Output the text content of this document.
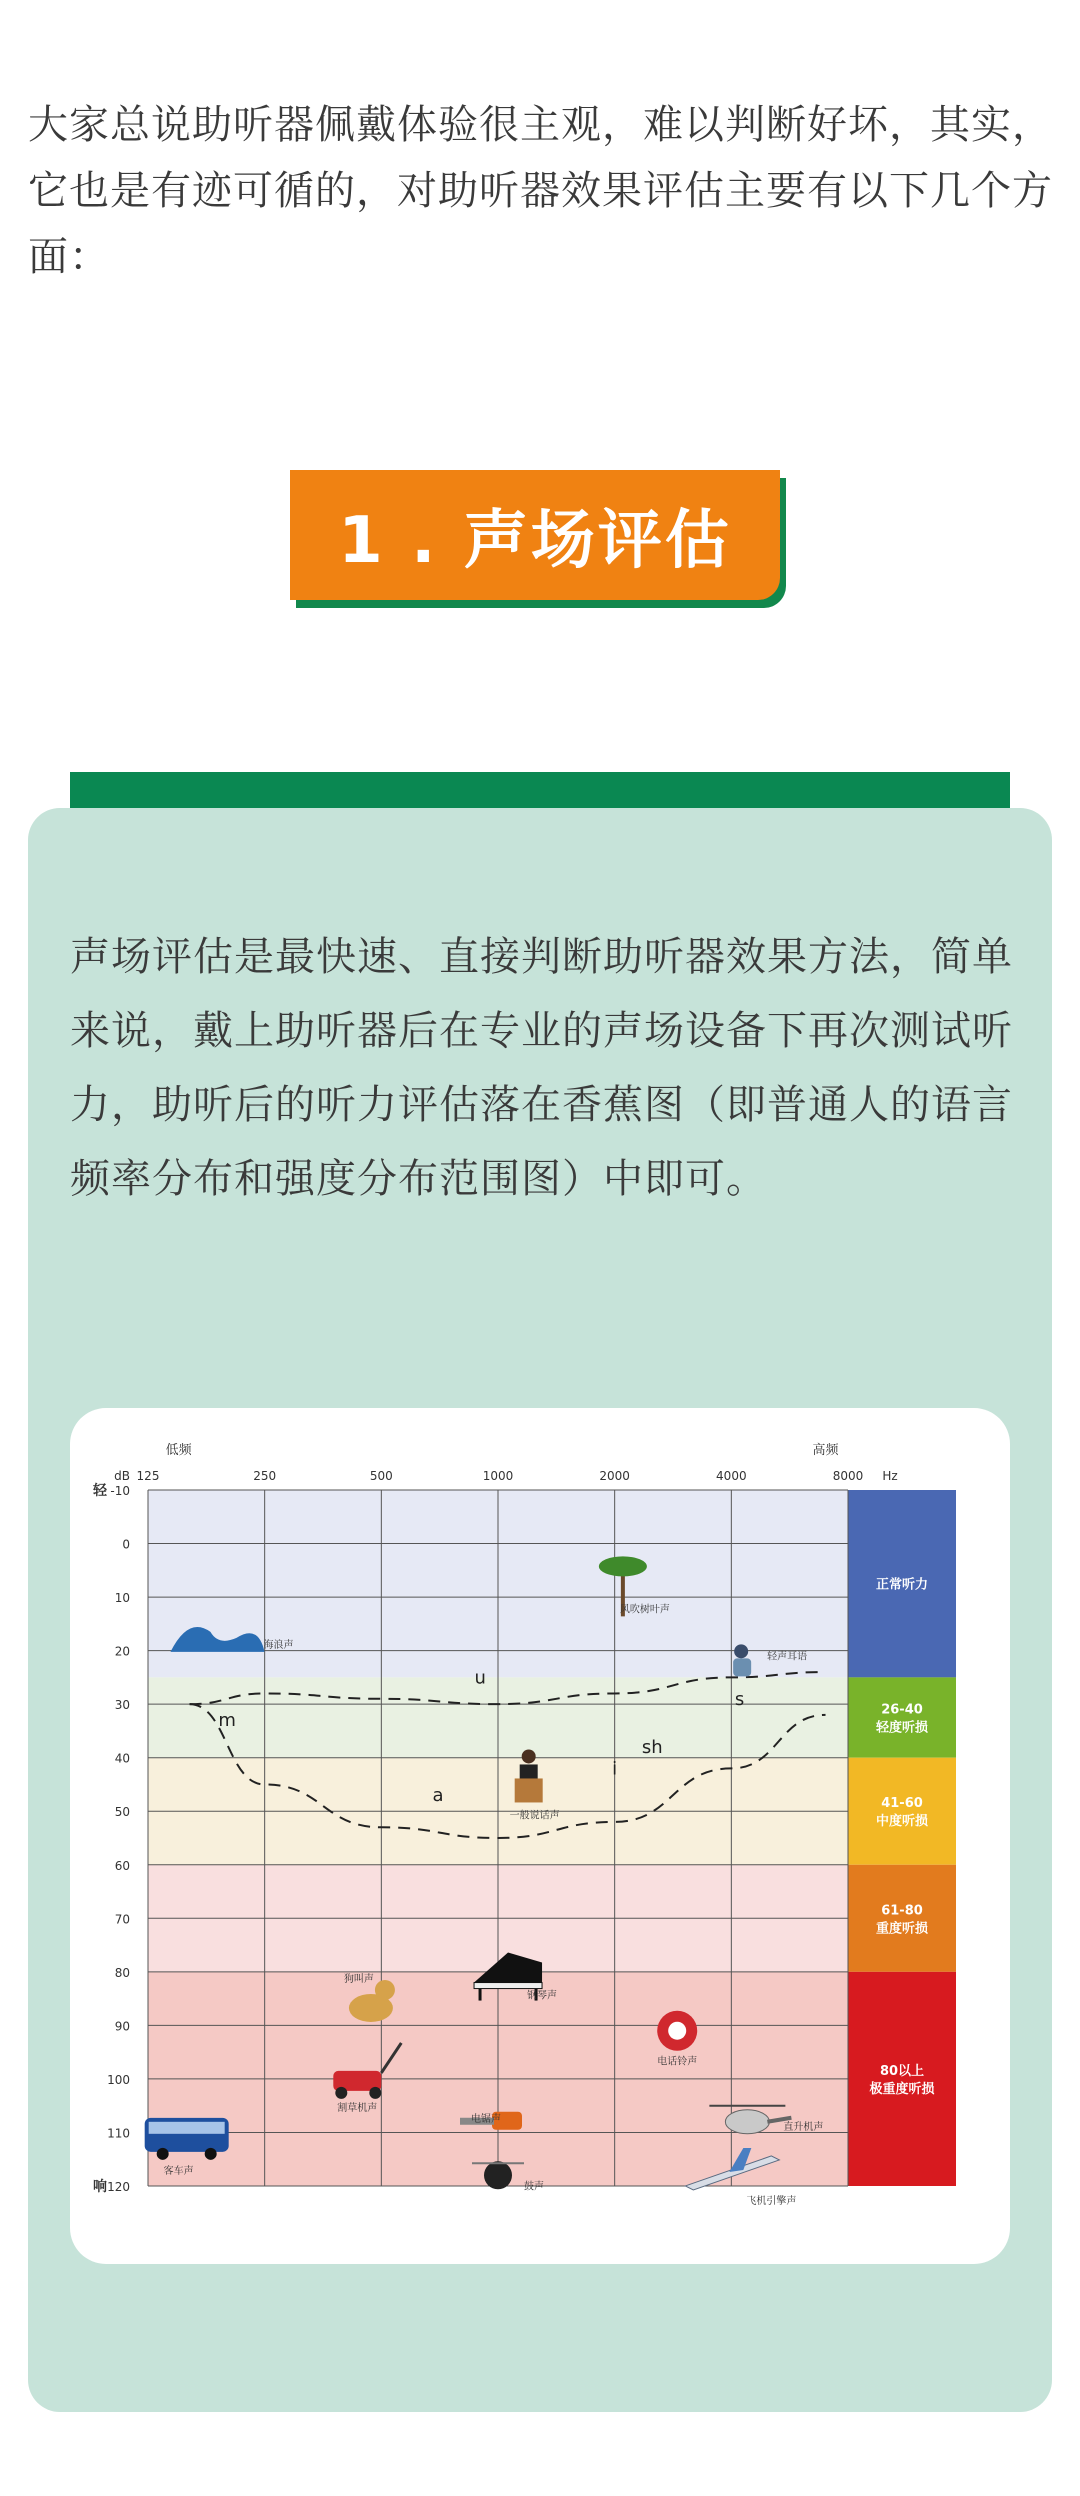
大家总说助听器佩戴体验很主观，难以判断好坏，其实，它也是有迹可循的，对助听器效果评估主要有以下几个方面：
1 . 声场评估
声场评估是最快速、直接判断助听器效果方法，简单来说，戴上助听器后在专业的声场设备下再次测试听力，助听后的听力评估落在香蕉图（即普通人的语言频率分布和强度分布范围图）中即可。
正常听力
26-40
轻度听损
41-60
中度听损
61-80
重度听损
80以上
极重度听损
125	250	500	1000	2000	4000	8000
轻 -10
0
10
20
30
40
50
60
70
80
90
100
110
响 120
dB	Hz
低频	高频
u
m
sh
i
a
s
风吹树叶声
海浪声
轻声耳语
一般说话声
钢琴声
狗叫声
电话铃声
割草机声
电锯声
直升机声
客车声
鼓声
飞机引擎声
